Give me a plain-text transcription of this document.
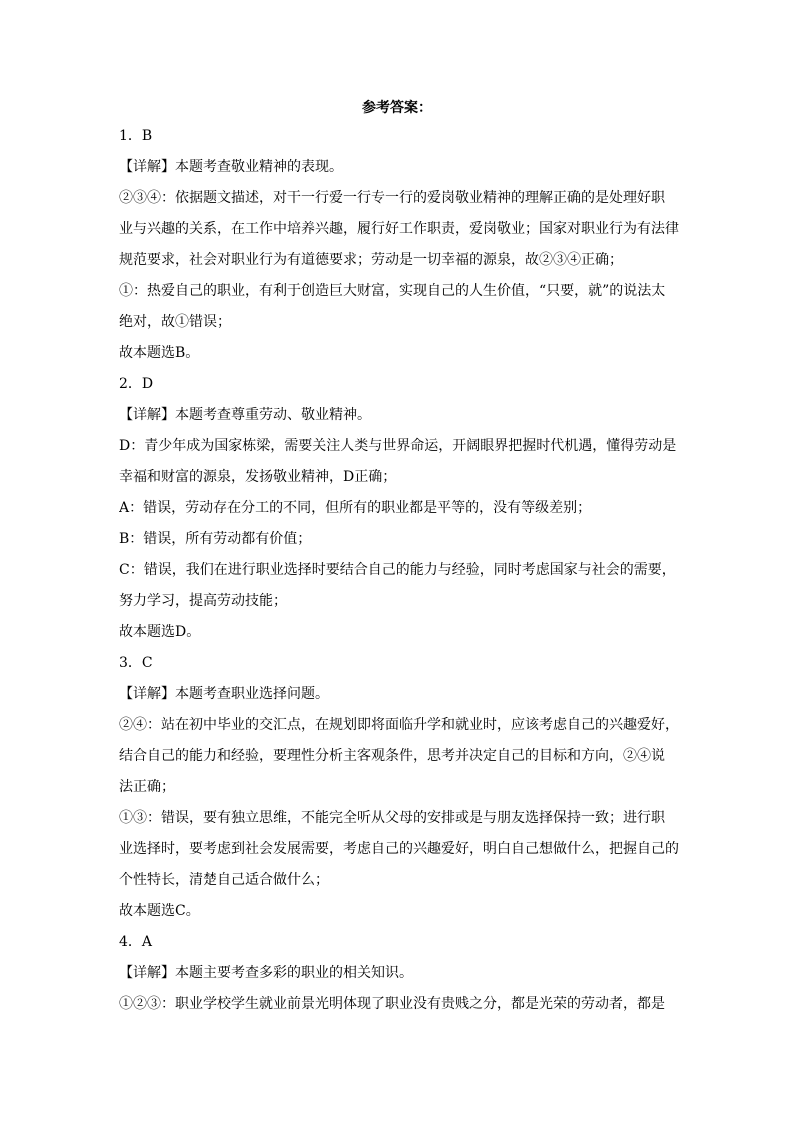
参考答案：
1．B
【详解】本题考查敬业精神的表现。
②③④：依据题文描述，对干一行爱一行专一行的爱岗敬业精神的理解正确的是处理好职
业与兴趣的关系，在工作中培养兴趣，履行好工作职责，爱岗敬业；国家对职业行为有法律
规范要求，社会对职业行为有道德要求；劳动是一切幸福的源泉，故②③④正确；
①：热爱自己的职业，有利于创造巨大财富，实现自己的人生价值，“只要，就”的说法太
绝对，故①错误；
故本题选B。
2．D
【详解】本题考查尊重劳动、敬业精神。
D：青少年成为国家栋梁，需要关注人类与世界命运，开阔眼界把握时代机遇，懂得劳动是
幸福和财富的源泉，发扬敬业精神，D正确；
A：错误，劳动存在分工的不同，但所有的职业都是平等的，没有等级差别；
B：错误，所有劳动都有价值；
C：错误，我们在进行职业选择时要结合自己的能力与经验，同时考虑国家与社会的需要，
努力学习，提高劳动技能；
故本题选D。
3．C
【详解】本题考查职业选择问题。
②④：站在初中毕业的交汇点，在规划即将面临升学和就业时，应该考虑自己的兴趣爱好，
结合自己的能力和经验，要理性分析主客观条件，思考并决定自己的目标和方向，②④说
法正确；
①③：错误，要有独立思维，不能完全听从父母的安排或是与朋友选择保持一致；进行职
业选择时，要考虑到社会发展需要，考虑自己的兴趣爱好，明白自己想做什么，把握自己的
个性特长，清楚自己适合做什么；
故本题选C。
4．A
【详解】本题主要考查多彩的职业的相关知识。
①②③：职业学校学生就业前景光明体现了职业没有贵贱之分，都是光荣的劳动者，都是
